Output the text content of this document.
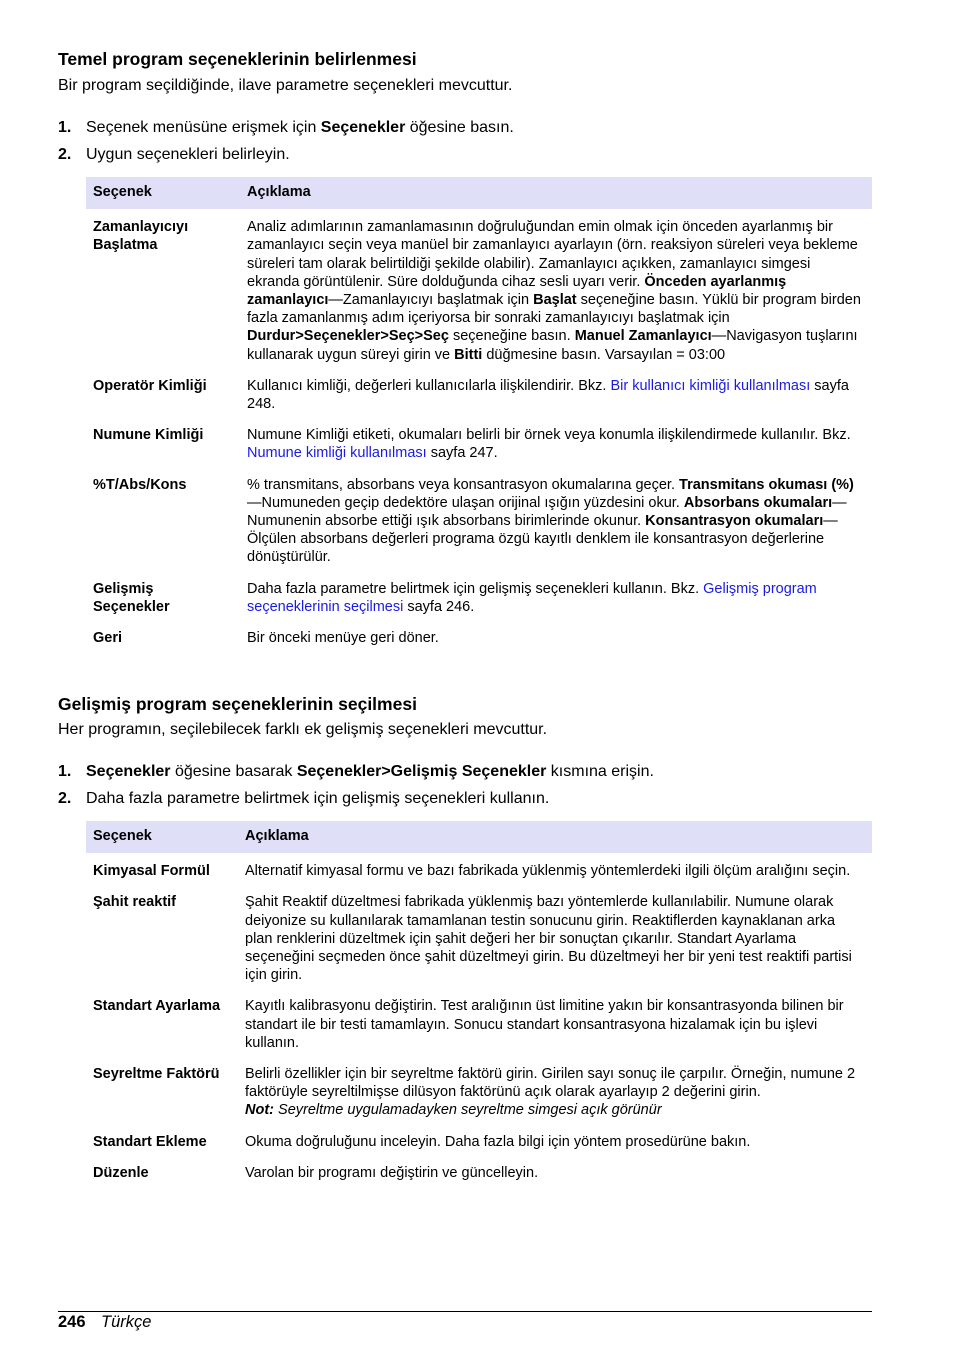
Temel program seçeneklerinin belirlenmesi

Bir program seçildiğinde, ilave parametre seçenekleri mevcuttur.

1. Seçenek menüsüne erişmek için Seçenekler öğesine basın.
2. Uygun seçenekleri belirleyin.
Seçenek	Açıklama
Zamanlayıcıyı Başlatma	Analiz adımlarının zamanlamasının doğruluğundan emin olmak için önceden ayarlanmış bir zamanlayıcı seçin veya manüel bir zamanlayıcı ayarlayın (örn. reaksiyon süreleri veya bekleme süreleri tam olarak belirtildiği şekilde olabilir). Zamanlayıcı açıkken, zamanlayıcı simgesi ekranda görüntülenir. Süre dolduğunda cihaz sesli uyarı verir. Önceden ayarlanmış zamanlayıcı—Zamanlayıcıyı başlatmak için Başlat seçeneğine basın. Yüklü bir program birden fazla zamanlanmış adım içeriyorsa bir sonraki zamanlayıcıyı başlatmak için Durdur>Seçenekler>Seç>Seç seçeneğine basın. Manuel Zamanlayıcı—Navigasyon tuşlarını kullanarak uygun süreyi girin ve Bitti düğmesine basın. Varsayılan = 03:00
Operatör Kimliği	Kullanıcı kimliği, değerleri kullanıcılarla ilişkilendirir. Bkz. Bir kullanıcı kimliği kullanılması sayfa 248.
Numune Kimliği	Numune Kimliği etiketi, okumaları belirli bir örnek veya konumla ilişkilendirmede kullanılır. Bkz. Numune kimliği kullanılması sayfa 247.
%T/Abs/Kons	% transmitans, absorbans veya konsantrasyon okumalarına geçer. Transmitans okuması (%)—Numuneden geçip dedektöre ulaşan orijinal ışığın yüzdesini okur. Absorbans okumaları—Numunenin absorbe ettiği ışık absorbans birimlerinde okunur. Konsantrasyon okumaları—Ölçülen absorbans değerleri programa özgü kayıtlı denklem ile konsantrasyon değerlerine dönüştürülür.
Gelişmiş Seçenekler	Daha fazla parametre belirtmek için gelişmiş seçenekleri kullanın. Bkz. Gelişmiş program seçeneklerinin seçilmesi sayfa 246.
Geri	Bir önceki menüye geri döner.
Gelişmiş program seçeneklerinin seçilmesi

Her programın, seçilebilecek farklı ek gelişmiş seçenekleri mevcuttur.

1. Seçenekler öğesine basarak Seçenekler>Gelişmiş Seçenekler kısmına erişin.
2. Daha fazla parametre belirtmek için gelişmiş seçenekleri kullanın.
Seçenek	Açıklama
Kimyasal Formül	Alternatif kimyasal formu ve bazı fabrikada yüklenmiş yöntemlerdeki ilgili ölçüm aralığını seçin.
Şahit reaktif	Şahit Reaktif düzeltmesi fabrikada yüklenmiş bazı yöntemlerde kullanılabilir. Numune olarak deiyonize su kullanılarak tamamlanan testin sonucunu girin. Reaktiflerden kaynaklanan arka plan renklerini düzeltmek için şahit değeri her bir sonuçtan çıkarılır. Standart Ayarlama seçeneğini seçmeden önce şahit düzeltmeyi girin. Bu düzeltmeyi her bir yeni test reaktifi partisi için girin.
Standart Ayarlama	Kayıtlı kalibrasyonu değiştirin. Test aralığının üst limitine yakın bir konsantrasyonda bilinen bir standart ile bir testi tamamlayın. Sonucu standart konsantrasyona hizalamak için bu işlevi kullanın.
Seyreltme Faktörü	Belirli özellikler için bir seyreltme faktörü girin. Girilen sayı sonuç ile çarpılır. Örneğin, numune 2 faktörüyle seyreltilmişse dilüsyon faktörünü açık olarak ayarlayıp 2 değerini girin.
Not: Seyreltme uygulamadayken seyreltme simgesi açık görünür
Standart Ekleme	Okuma doğruluğunu inceleyin. Daha fazla bilgi için yöntem prosedürüne bakın.
Düzenle	Varolan bir programı değiştirin ve güncelleyin.
246 Türkçe
